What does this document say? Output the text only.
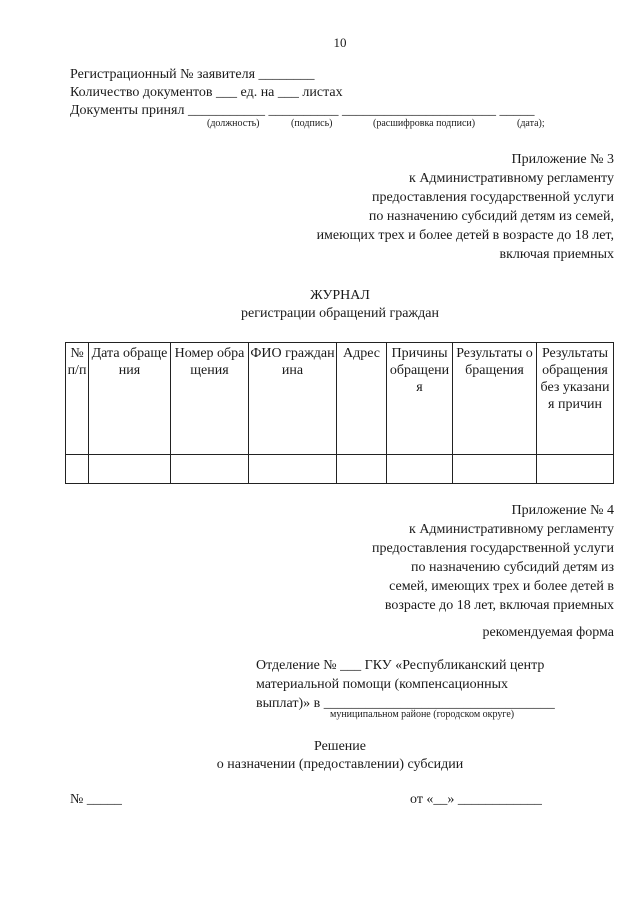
10
Регистрационный № заявителя ________
Количество документов ___ ед. на ___ листах
Документы принял ___________ __________ ______________________ _____
(должность)	(подпись)	(расшифровка подписи)	(дата);
Приложение № 3
к Административному регламенту
предоставления государственной услуги
по назначению субсидий детям из семей,
имеющих трех и более детей в возрасте до 18 лет,
включая приемных
ЖУРНАЛ
регистрации обращений граждан
№ п/п	Дата обращения	Номер обращения	ФИО гражданина	Адрес	Причины обращения	Результаты обращения	Результаты обращения без указания причин

Приложение № 4
к Административному регламенту
предоставления государственной услуги
по назначению субсидий детям из
семей, имеющих трех и более детей в
возрасте до 18 лет, включая приемных
рекомендуемая форма
Отделение № ___ ГКУ «Республиканский центр
материальной помощи (компенсационных
выплат)» в _________________________________
муниципальном районе (городском округе)
Решение
о назначении (предоставлении) субсидии
№ _____	от «__» ____________
